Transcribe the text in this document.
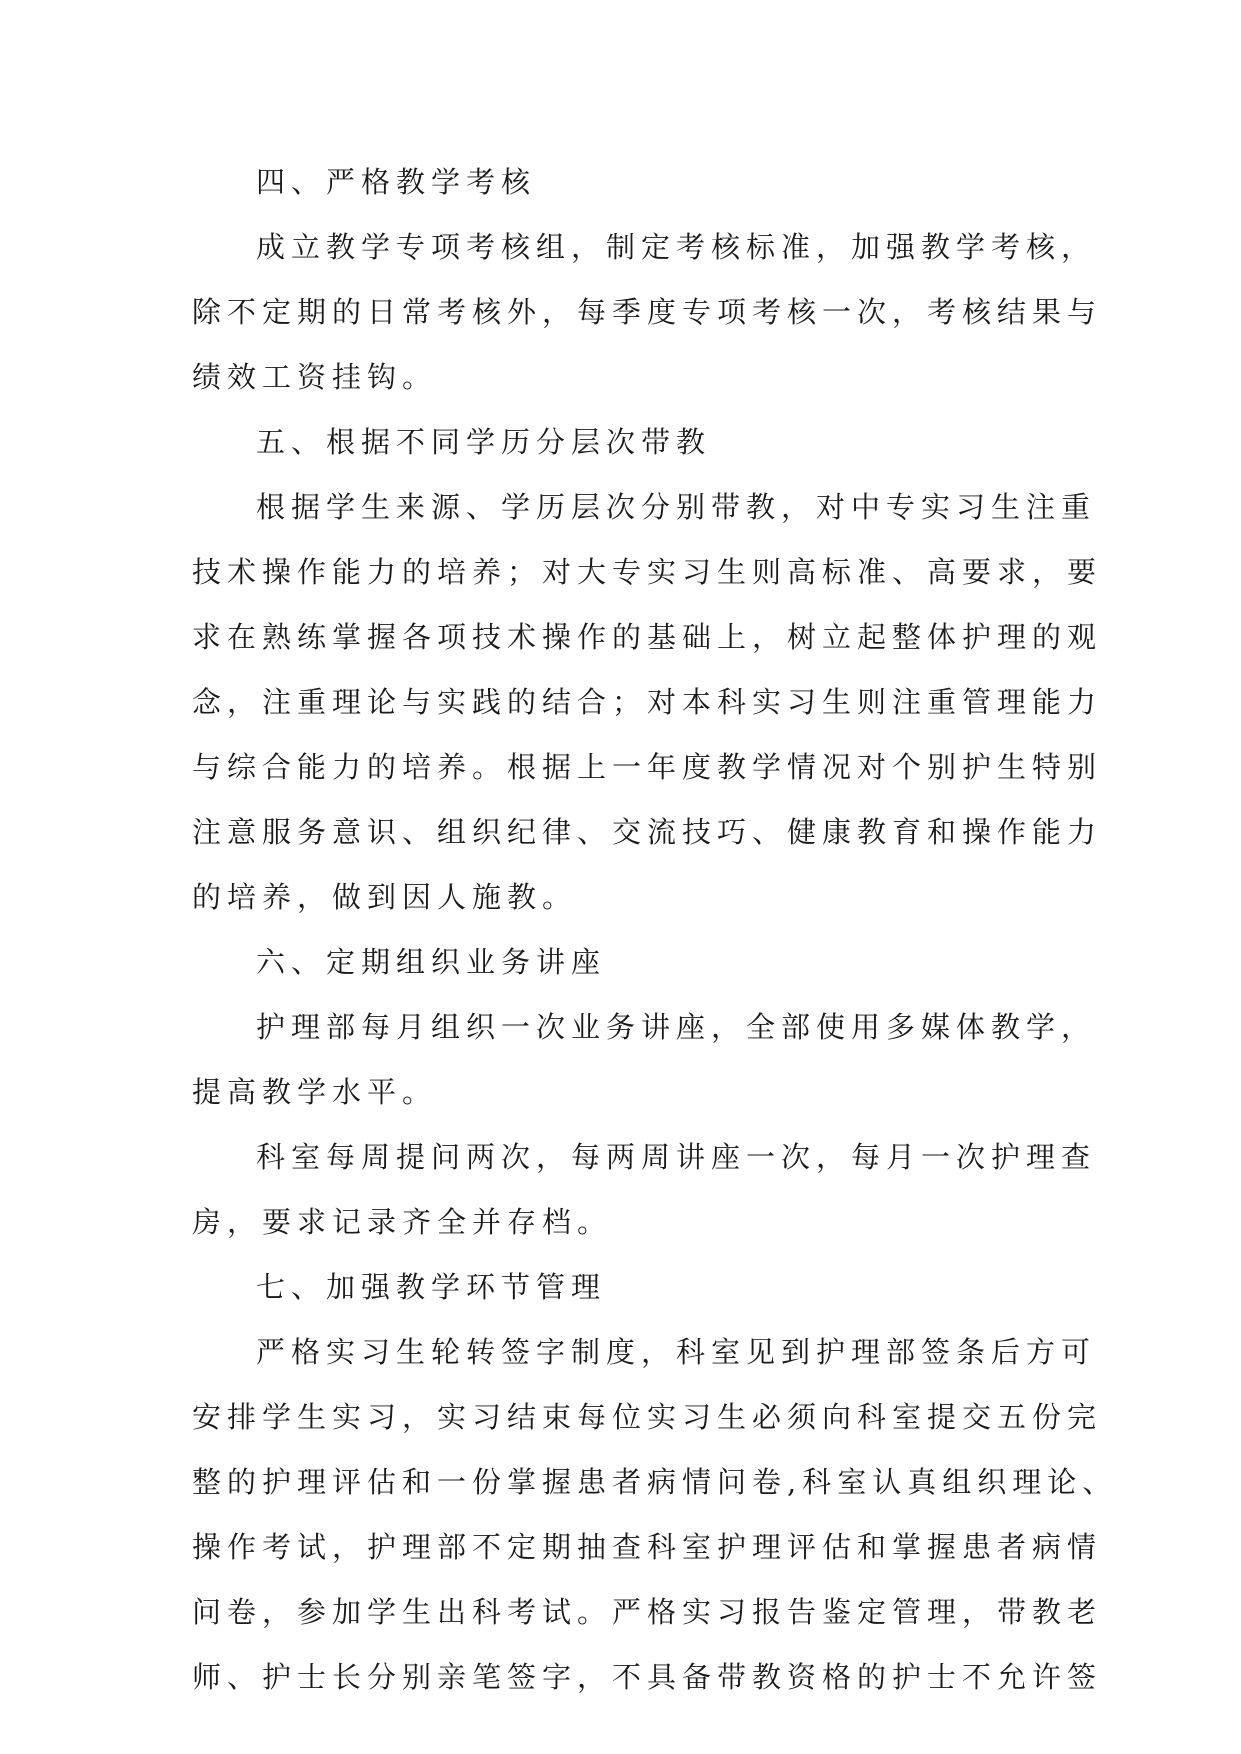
四、严格教学考核
成立教学专项考核组，制定考核标准，加强教学考核，
除不定期的日常考核外，每季度专项考核一次，考核结果与
绩效工资挂钩。
五、根据不同学历分层次带教
根据学生来源、学历层次分别带教，对中专实习生注重
技术操作能力的培养；对大专实习生则高标准、高要求，要
求在熟练掌握各项技术操作的基础上，树立起整体护理的观
念，注重理论与实践的结合；对本科实习生则注重管理能力
与综合能力的培养。根据上一年度教学情况对个别护生特别
注意服务意识、组织纪律、交流技巧、健康教育和操作能力
的培养，做到因人施教。
六、定期组织业务讲座
护理部每月组织一次业务讲座，全部使用多媒体教学，
提高教学水平。
科室每周提问两次，每两周讲座一次，每月一次护理查
房，要求记录齐全并存档。
七、加强教学环节管理
严格实习生轮转签字制度，科室见到护理部签条后方可
安排学生实习，实习结束每位实习生必须向科室提交五份完
整的护理评估和一份掌握患者病情问卷,科室认真组织理论、
操作考试，护理部不定期抽查科室护理评估和掌握患者病情
问卷，参加学生出科考试。严格实习报告鉴定管理，带教老
师、护士长分别亲笔签字，不具备带教资格的护士不允许签
